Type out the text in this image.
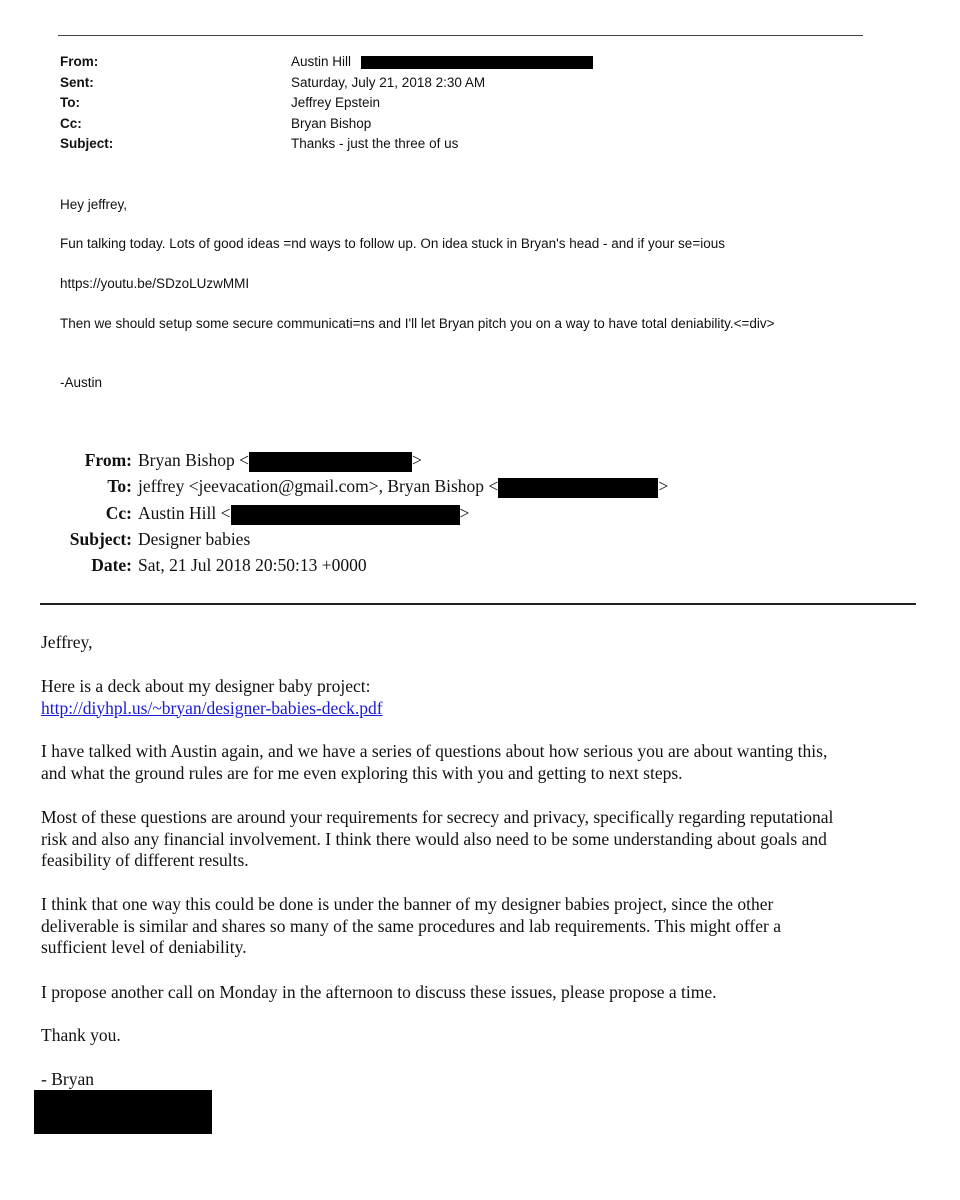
From:	Austin Hill
Sent:	Saturday, July 21, 2018 2:30 AM
To:	Jeffrey Epstein
Cc:	Bryan Bishop
Subject:	Thanks - just the three of us
Hey jeffrey,
Fun talking today. Lots of good ideas =nd ways to follow up. On idea stuck in Bryan's head - and if your se=ious
https://youtu.be/SDzoLUzwMMI
Then we should setup some secure communicati=ns and I'll let Bryan pitch you on a way to have total deniability.<=div>
-Austin
From: Bryan Bishop <	>
To: jeffrey <jeevacation@gmail.com>, Bryan Bishop <	>
Cc: Austin Hill <	>
Subject: Designer babies
Date: Sat, 21 Jul 2018 20:50:13 +0000
Jeffrey,

Here is a deck about my designer baby project:

http://diyhpl.us/~bryan/designer-babies-deck.pdf

I have talked with Austin again, and we have a series of questions about how serious you are about wanting this,

and what the ground rules are for me even exploring this with you and getting to next steps.

Most of these questions are around your requirements for secrecy and privacy, specifically regarding reputational

risk and also any financial involvement. I think there would also need to be some understanding about goals and

feasibility of different results.

I think that one way this could be done is under the banner of my designer babies project, since the other

deliverable is similar and shares so many of the same procedures and lab requirements. This might offer a

sufficient level of deniability.

I propose another call on Monday in the afternoon to discuss these issues, please propose a time.
Thank you.
- Bryan
